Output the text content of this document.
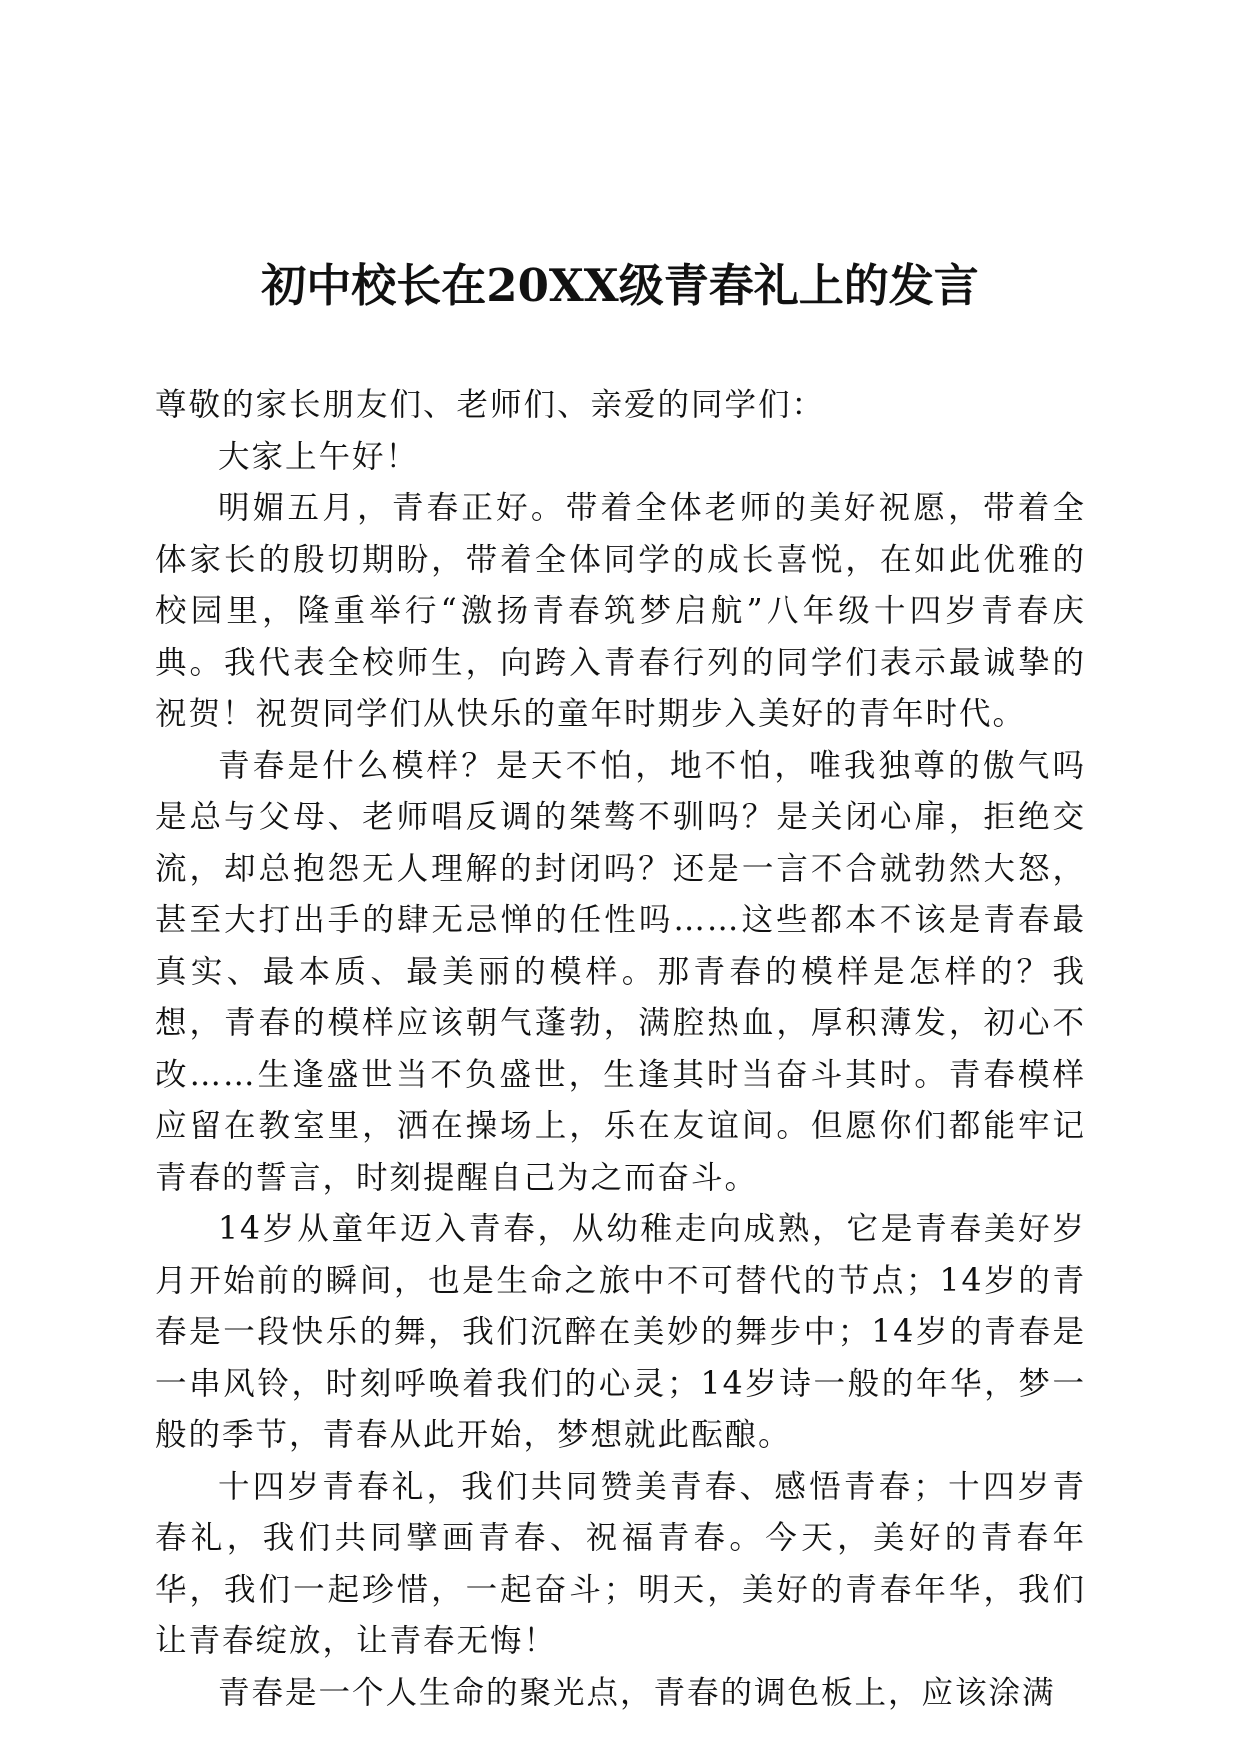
初中校长在20XX级青春礼上的发言

尊敬的家长朋友们、老师们、亲爱的同学们：

大家上午好！

明媚五月，青春正好。带着全体老师的美好祝愿，带着全体家长的殷切期盼，带着全体同学的成长喜悦，在如此优雅的校园里，隆重举行“激扬青春筑梦启航”八年级十四岁青春庆典。我代表全校师生，向跨入青春行列的同学们表示最诚挚的祝贺！祝贺同学们从快乐的童年时期步入美好的青年时代。

青春是什么模样？是天不怕，地不怕，唯我独尊的傲气吗是总与父母、老师唱反调的桀骜不驯吗？是关闭心扉，拒绝交流，却总抱怨无人理解的封闭吗？还是一言不合就勃然大怒，甚至大打出手的肆无忌惮的任性吗……这些都本不该是青春最真实、最本质、最美丽的模样。那青春的模样是怎样的？我想，青春的模样应该朝气蓬勃，满腔热血，厚积薄发，初心不改……生逢盛世当不负盛世，生逢其时当奋斗其时。青春模样应留在教室里，洒在操场上，乐在友谊间。但愿你们都能牢记青春的誓言，时刻提醒自己为之而奋斗。

14岁从童年迈入青春，从幼稚走向成熟，它是青春美好岁月开始前的瞬间，也是生命之旅中不可替代的节点；14岁的青春是一段快乐的舞，我们沉醉在美妙的舞步中；14岁的青春是一串风铃，时刻呼唤着我们的心灵；14岁诗一般的年华，梦一般的季节，青春从此开始，梦想就此酝酿。

十四岁青春礼，我们共同赞美青春、感悟青春；十四岁青春礼，我们共同擘画青春、祝福青春。今天，美好的青春年华，我们一起珍惜，一起奋斗；明天，美好的青春年华，我们让青春绽放，让青春无悔！

青春是一个人生命的聚光点，青春的调色板上，应该涂满
